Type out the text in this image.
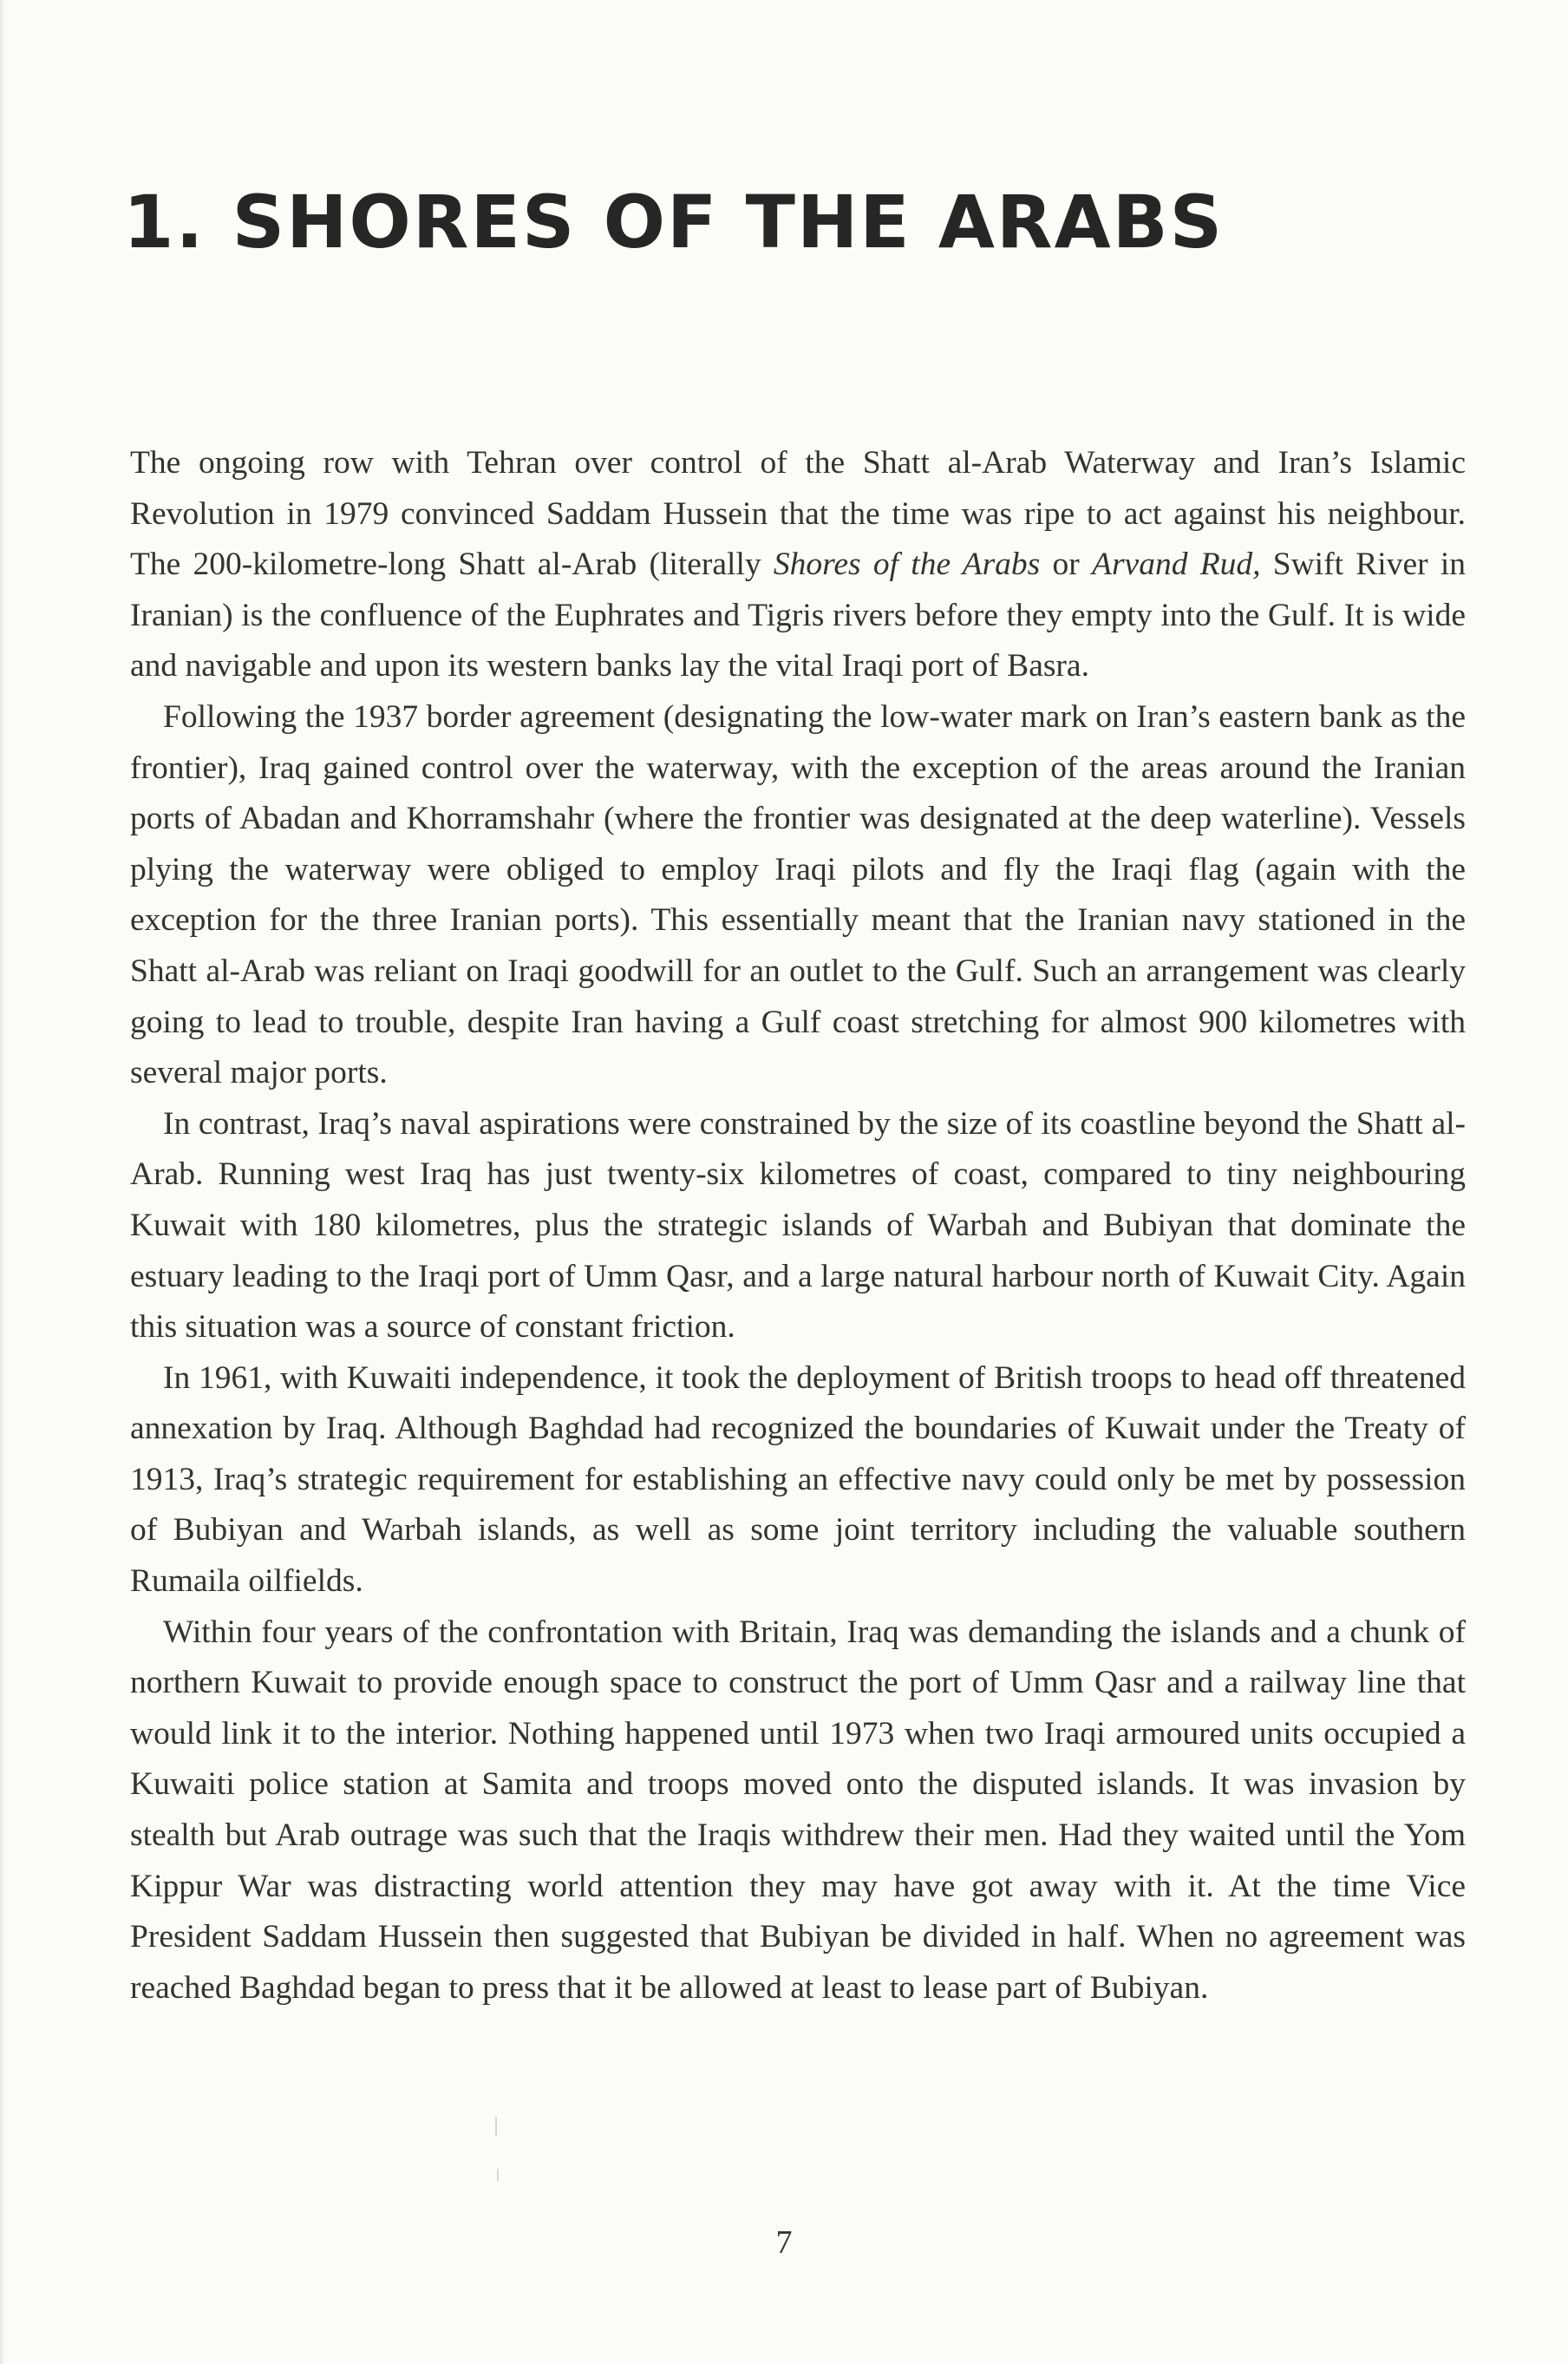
1. SHORES OF THE ARABS

The ongoing row with Tehran over control of the Shatt al-Arab Waterway and Iran’s Islamic Revolution in 1979 convinced Saddam Hussein that the time was ripe to act against his neighbour. The 200-kilometre-long Shatt al-Arab (literally Shores of the Arabs or Arvand Rud, Swift River in Iranian) is the confluence of the Euphrates and Tigris rivers before they empty into the Gulf. It is wide and navigable and upon its western banks lay the vital Iraqi port of Basra.

Following the 1937 border agreement (designating the low-water mark on Iran’s eastern bank as the frontier), Iraq gained control over the waterway, with the exception of the areas around the Iranian ports of Abadan and Khorramshahr (where the frontier was designated at the deep waterline). Vessels plying the waterway were obliged to employ Iraqi pilots and fly the Iraqi flag (again with the exception for the three Iranian ports). This essentially meant that the Iranian navy stationed in the Shatt al-Arab was reliant on Iraqi goodwill for an outlet to the Gulf. Such an arrangement was clearly going to lead to trouble, despite Iran having a Gulf coast stretching for almost 900 kilometres with several major ports.

In contrast, Iraq’s naval aspirations were constrained by the size of its coastline beyond the Shatt al-Arab. Running west Iraq has just twenty-six kilometres of coast, compared to tiny neighbouring Kuwait with 180 kilometres, plus the strategic islands of Warbah and Bubiyan that dominate the estuary leading to the Iraqi port of Umm Qasr, and a large natural harbour north of Kuwait City. Again this situation was a source of constant friction.

In 1961, with Kuwaiti independence, it took the deployment of British troops to head off threatened annexation by Iraq. Although Baghdad had recognized the boundaries of Kuwait under the Treaty of 1913, Iraq’s strategic requirement for establishing an effective navy could only be met by possession of Bubiyan and Warbah islands, as well as some joint territory including the valuable southern Rumaila oilfields.

Within four years of the confrontation with Britain, Iraq was demanding the islands and a chunk of northern Kuwait to provide enough space to construct the port of Umm Qasr and a railway line that would link it to the interior. Nothing happened until 1973 when two Iraqi armoured units occupied a Kuwaiti police station at Samita and troops moved onto the disputed islands. It was invasion by stealth but Arab outrage was such that the Iraqis withdrew their men. Had they waited until the Yom Kippur War was distracting world attention they may have got away with it. At the time Vice President Saddam Hussein then suggested that Bubiyan be divided in half. When no agreement was reached Baghdad began to press that it be allowed at least to lease part of Bubiyan.

7
